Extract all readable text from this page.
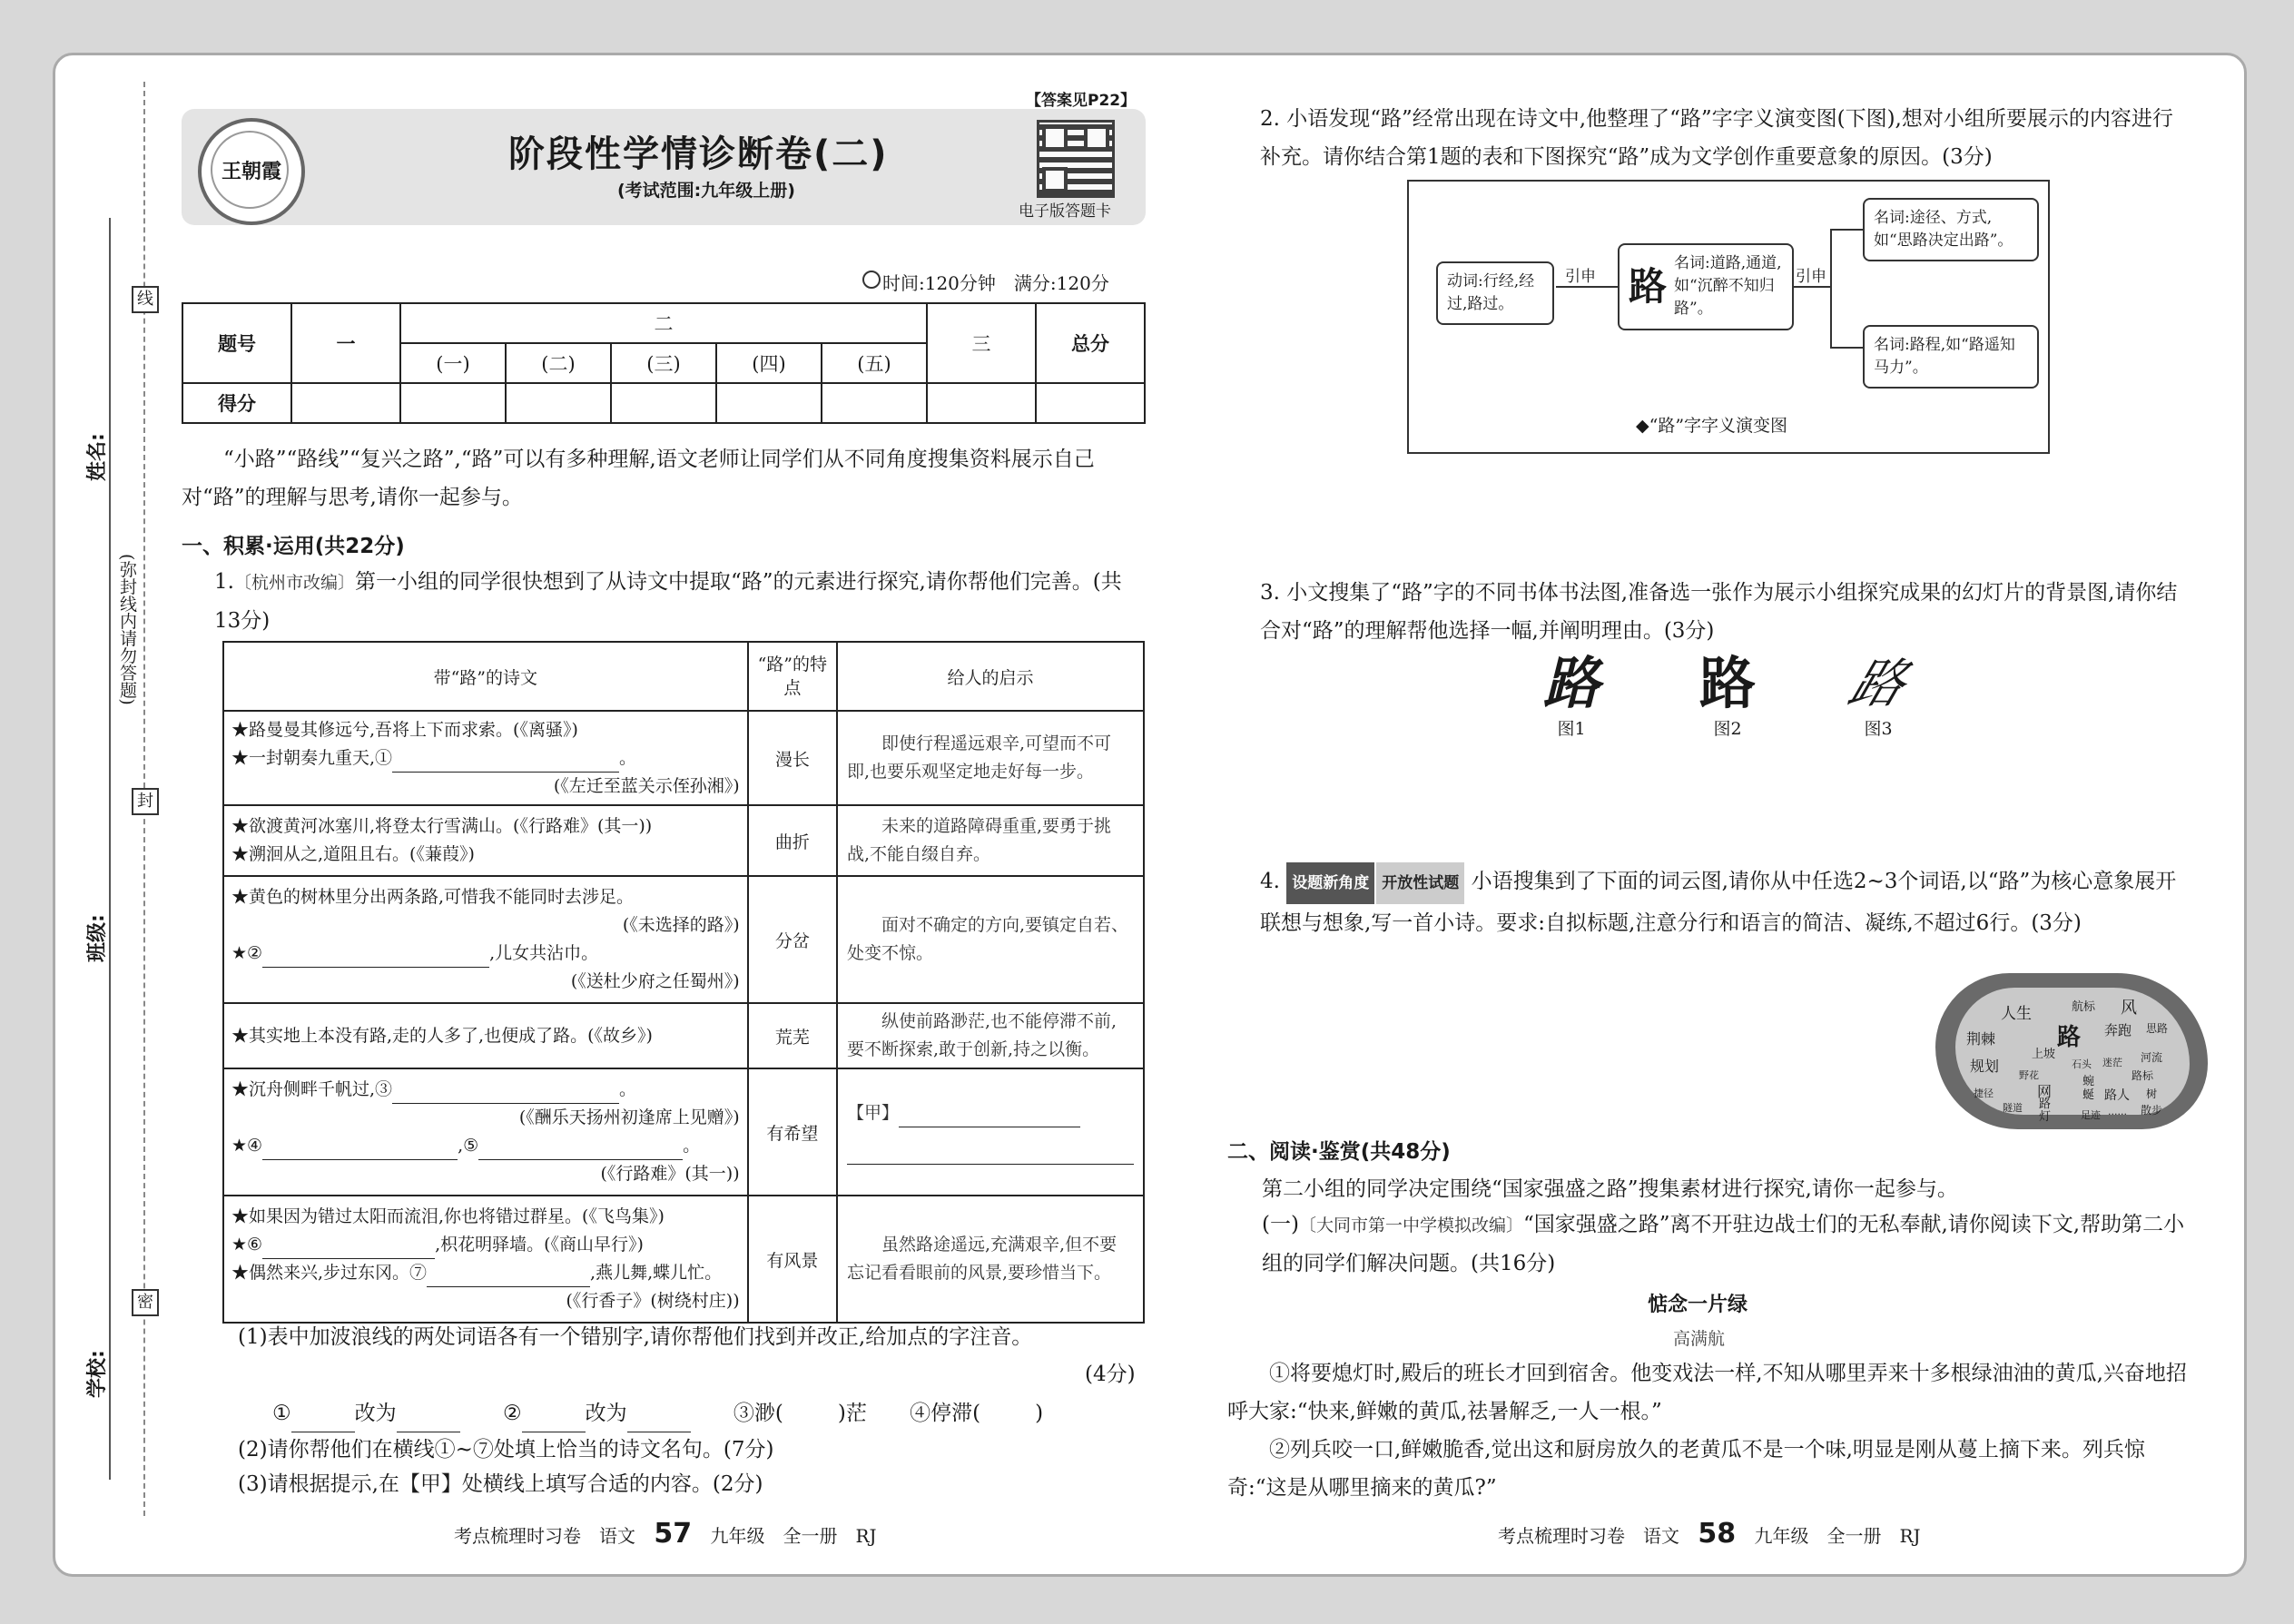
线
封
密
姓名:
班级:
学校:
(弥封线内请勿答题)
【答案见P22】
王朝霞	阶段性学情诊断卷(二)
(考试范围:九年级上册)
电子版答题卡
时间:120分钟　满分:120分
题号	一	二					三	总分
		(一)	(二)	(三)	(四)	(五)		
得分								
“小路”“路线”“复兴之路”,“路”可以有多种理解,语文老师让同学们从不同角度搜集资料展示自己对“路”的理解与思考,请你一起参与。
一、积累·运用(共22分)
1.〔杭州市改编〕第一小组的同学很快想到了从诗文中提取“路”的元素进行探究,请你帮他们完善。(共13分)
带“路”的诗文	“路”的特点	给人的启示

★路曼曼其修远兮,吾将上下而求索。(《离骚》)
★一封朝奏九重天,① 。
(《左迁至蓝关示侄孙湘》)	漫长	即使行程遥远艰辛,可望而不可即,也要乐观坚定地走好每一步。

★欲渡黄河冰塞川,将登太行雪满山。(《行路难》(其一))
★溯洄从之,道阻且右。(《蒹葭》)	曲折	未来的道路障碍重重,要勇于挑战,不能自缀自弃。

★黄色的树林里分出两条路,可惜我不能同时去涉足。
(《未选择的路》)
★② ,儿女共沾巾。
(《送杜少府之任蜀州》)	分岔	面对不确定的方向,要镇定自若、处变不惊。

★其实地上本没有路,走的人多了,也便成了路。(《故乡》)	荒芜	纵使前路渺茫,也不能停滞不前,要不断探索,敢于创新,持之以衡。

★沉舟侧畔千帆过,③ 。
(《酬乐天扬州初逢席上见赠》)
★④ ,⑤ 。
(《行路难》(其一))	有希望	【甲】

★如果因为错过太阳而流泪,你也将错过群星。(《飞鸟集》)
★⑥ ,枳花明驿墙。(《商山早行》)
★偶然来兴,步过东冈。⑦ ,燕儿舞,蝶儿忙。
(《行香子》(树绕村庄))	有风景	虽然路途遥远,充满艰辛,但不要忘记看看眼前的风景,要珍惜当下。
(1)表中加波浪线的两处词语各有一个错别字,请你帮他们找到并改正,给加点的字注音。
(4分)
①	改为	②	改为	③渺(	)茫 ④停滞(	)
(2)请你帮他们在横线①~⑦处填上恰当的诗文名句。(7分)
(3)请根据提示,在【甲】处横线上填写合适的内容。(2分)
考点梳理时习卷　语文 57 九年级　全一册　RJ
2. 小语发现“路”经常出现在诗文中,他整理了“路”字字义演变图(下图),想对小组所要展示的内容进行补充。请你结合第1题的表和下图探究“路”成为文学创作重要意象的原因。(3分)
动词:行经,经过,路过。
引申 路
名词:道路,通道,如“沉醉不知归路”。
引申
名词:途径、方式,如“思路决定出路”。
名词:路程,如“路遥知马力”。
◆“路”字字义演变图
3. 小文搜集了“路”字的不同书体书法图,准备选一张作为展示小组探究成果的幻灯片的背景图,请你结合对“路”的理解帮他选择一幅,并阐明理由。(3分)
路
图1
路
图2
路
图3
4. 设题新角度 开放性试题 小语搜集到了下面的词云图,请你从中任选2~3个词语,以“路”为核心意象展开联想与想象,写一首小诗。要求:自拟标题,注意分行和语言的简洁、凝练,不超过6行。(3分)
人生	航标 风
荆棘	路 奔跑 思路
规划
上坡
野花
石头 迷茫 河流
路标
捷径	网
蜿蜒	树
路灯
路人
隧道
足迹	散步
......
二、阅读·鉴赏(共48分)
第二小组的同学决定围绕“国家强盛之路”搜集素材进行探究,请你一起参与。
(一)〔大同市第一中学模拟改编〕“国家强盛之路”离不开驻边战士们的无私奉献,请你阅读下文,帮助第二小组的同学们解决问题。(共16分)
惦念一片绿
高满航
①将要熄灯时,殿后的班长才回到宿舍。他变戏法一样,不知从哪里弄来十多根绿油油的黄瓜,兴奋地招呼大家:“快来,鲜嫩的黄瓜,祛暑解乏,一人一根。”
②列兵咬一口,鲜嫩脆香,觉出这和厨房放久的老黄瓜不是一个味,明显是刚从蔓上摘下来。列兵惊奇:“这是从哪里摘来的黄瓜?”
考点梳理时习卷　语文 58 九年级　全一册　RJ
